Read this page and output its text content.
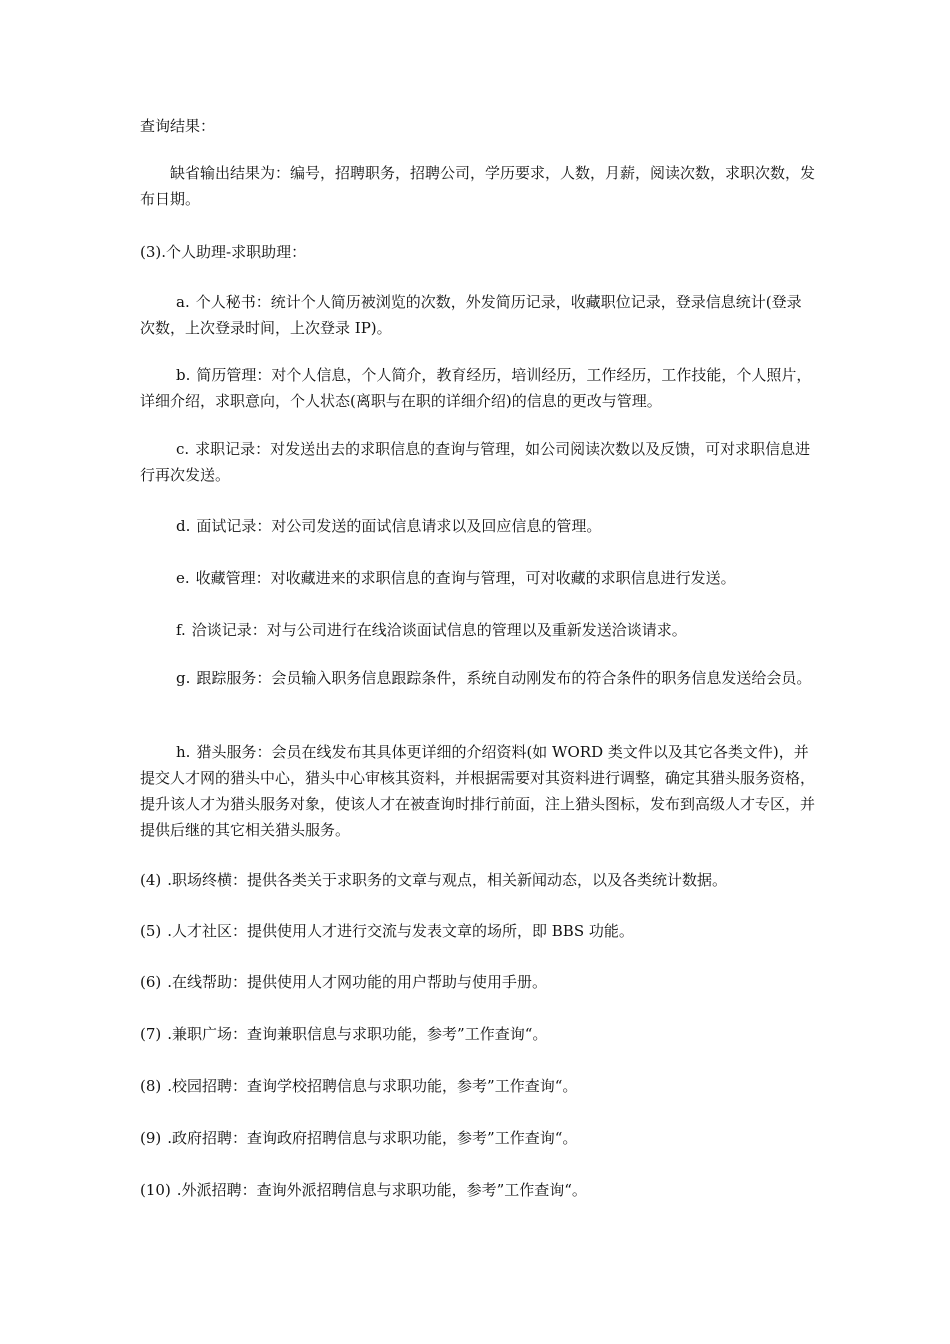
查询结果：

缺省输出结果为：编号，招聘职务，招聘公司，学历要求，人数，月薪，阅读次数，求职次数，发布日期。

(3).个人助理-求职助理：

a. 个人秘书：统计个人简历被浏览的次数，外发简历记录，收藏职位记录，登录信息统计(登录次数，上次登录时间，上次登录 IP)。

b. 简历管理：对个人信息，个人简介，教育经历，培训经历，工作经历，工作技能，个人照片，详细介绍，求职意向，个人状态(离职与在职的详细介绍)的信息的更改与管理。

c. 求职记录：对发送出去的求职信息的查询与管理，如公司阅读次数以及反馈，可对求职信息进行再次发送。

d. 面试记录：对公司发送的面试信息请求以及回应信息的管理。

e. 收藏管理：对收藏进来的求职信息的查询与管理，可对收藏的求职信息进行发送。

f. 洽谈记录：对与公司进行在线洽谈面试信息的管理以及重新发送洽谈请求。

g. 跟踪服务：会员输入职务信息跟踪条件，系统自动刚发布的符合条件的职务信息发送给会员。

h. 猎头服务：会员在线发布其具体更详细的介绍资料(如 WORD 类文件以及其它各类文件)，并提交人才网的猎头中心，猎头中心审核其资料，并根据需要对其资料进行调整，确定其猎头服务资格，提升该人才为猎头服务对象，使该人才在被查询时排行前面，注上猎头图标，发布到高级人才专区，并提供后继的其它相关猎头服务。

(4) .职场终横：提供各类关于求职务的文章与观点，相关新闻动态，以及各类统计数据。

(5) .人才社区：提供使用人才进行交流与发表文章的场所，即 BBS 功能。

(6) .在线帮助：提供使用人才网功能的用户帮助与使用手册。

(7) .兼职广场：查询兼职信息与求职功能，参考”工作查询“。

(8) .校园招聘：查询学校招聘信息与求职功能，参考”工作查询“。

(9) .政府招聘：查询政府招聘信息与求职功能，参考”工作查询“。

(10) .外派招聘：查询外派招聘信息与求职功能，参考”工作查询“。
